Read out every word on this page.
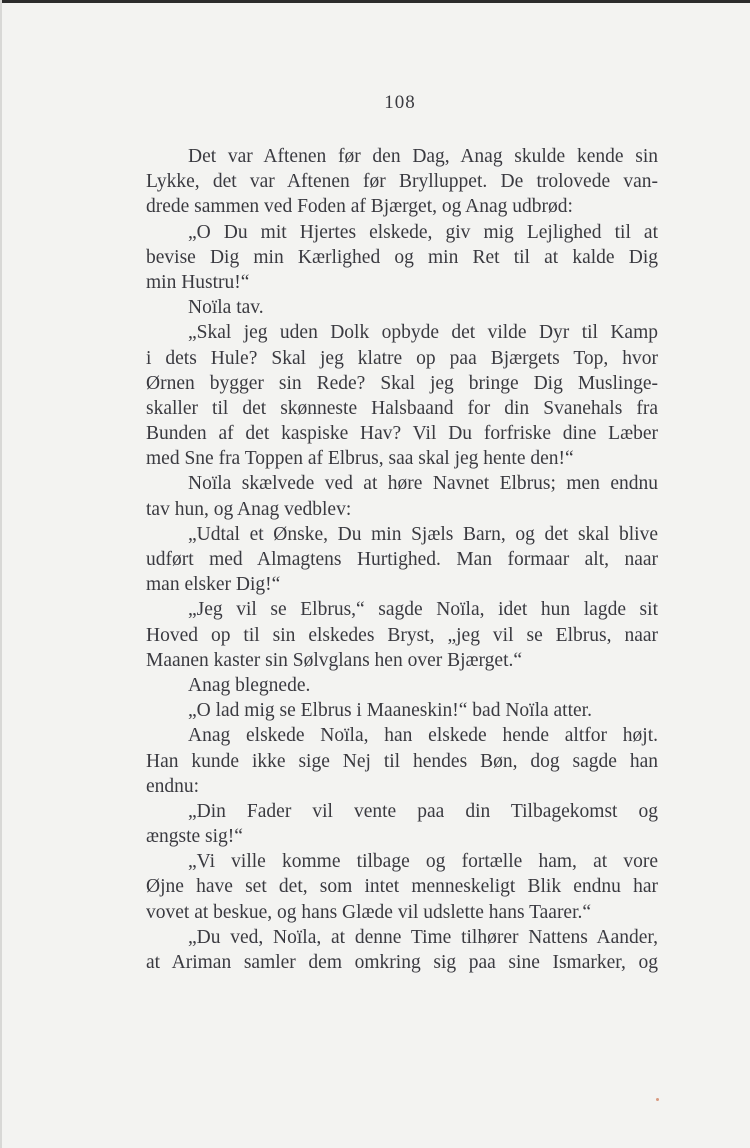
108
Det var Aftenen før den Dag, Anag skulde kende sin
Lykke, det var Aftenen før Brylluppet. De trolovede van-
drede sammen ved Foden af Bjærget, og Anag udbrød:
„O Du mit Hjertes elskede, giv mig Lejlighed til at
bevise Dig min Kærlighed og min Ret til at kalde Dig
min Hustru!“
Noïla tav.
„Skal jeg uden Dolk opbyde det vilde Dyr til Kamp
i dets Hule? Skal jeg klatre op paa Bjærgets Top, hvor
Ørnen bygger sin Rede? Skal jeg bringe Dig Muslinge-
skaller til det skønneste Halsbaand for din Svanehals fra
Bunden af det kaspiske Hav? Vil Du forfriske dine Læber
med Sne fra Toppen af Elbrus, saa skal jeg hente den!“
Noïla skælvede ved at høre Navnet Elbrus; men endnu
tav hun, og Anag vedblev:
„Udtal et Ønske, Du min Sjæls Barn, og det skal blive
udført med Almagtens Hurtighed. Man formaar alt, naar
man elsker Dig!“
„Jeg vil se Elbrus,“ sagde Noïla, idet hun lagde sit
Hoved op til sin elskedes Bryst, „jeg vil se Elbrus, naar
Maanen kaster sin Sølvglans hen over Bjærget.“
Anag blegnede.
„O lad mig se Elbrus i Maaneskin!“ bad Noïla atter.
Anag elskede Noïla, han elskede hende altfor højt.
Han kunde ikke sige Nej til hendes Bøn, dog sagde han
endnu:
„Din Fader vil vente paa din Tilbagekomst og
ængste sig!“
„Vi ville komme tilbage og fortælle ham, at vore
Øjne have set det, som intet menneskeligt Blik endnu har
vovet at beskue, og hans Glæde vil udslette hans Taarer.“
„Du ved, Noïla, at denne Time tilhører Nattens Aander,
at Ariman samler dem omkring sig paa sine Ismarker, og
